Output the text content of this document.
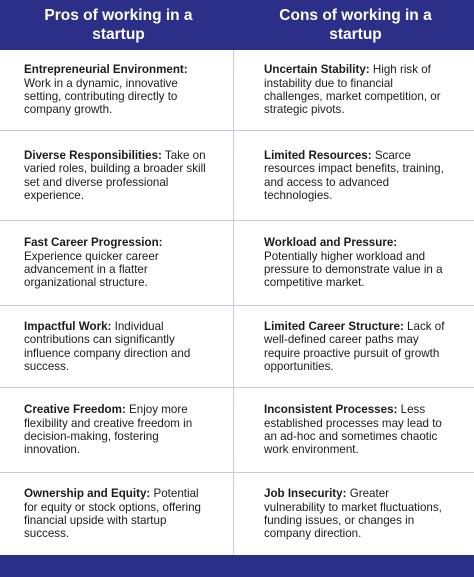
Pros of working in a startup
Cons of working in a startup

Entrepreneurial Environment: Work in a dynamic, innovative setting, contributing directly to company growth.

Uncertain Stability: High risk of instability due to financial challenges, market competition, or strategic pivots.

Diverse Responsibilities: Take on varied roles, building a broader skill set and diverse professional experience.

Limited Resources: Scarce resources impact benefits, training, and access to advanced technologies.

Fast Career Progression: Experience quicker career advancement in a flatter organizational structure.

Workload and Pressure: Potentially higher workload and pressure to demonstrate value in a competitive market.

Impactful Work: Individual contributions can significantly influence company direction and success.

Limited Career Structure: Lack of well-defined career paths may require proactive pursuit of growth opportunities.

Creative Freedom: Enjoy more flexibility and creative freedom in decision-making, fostering innovation.

Inconsistent Processes: Less established processes may lead to an ad-hoc and sometimes chaotic work environment.

Ownership and Equity: Potential for equity or stock options, offering financial upside with startup success.

Job Insecurity: Greater vulnerability to market fluctuations, funding issues, or changes in company direction.
